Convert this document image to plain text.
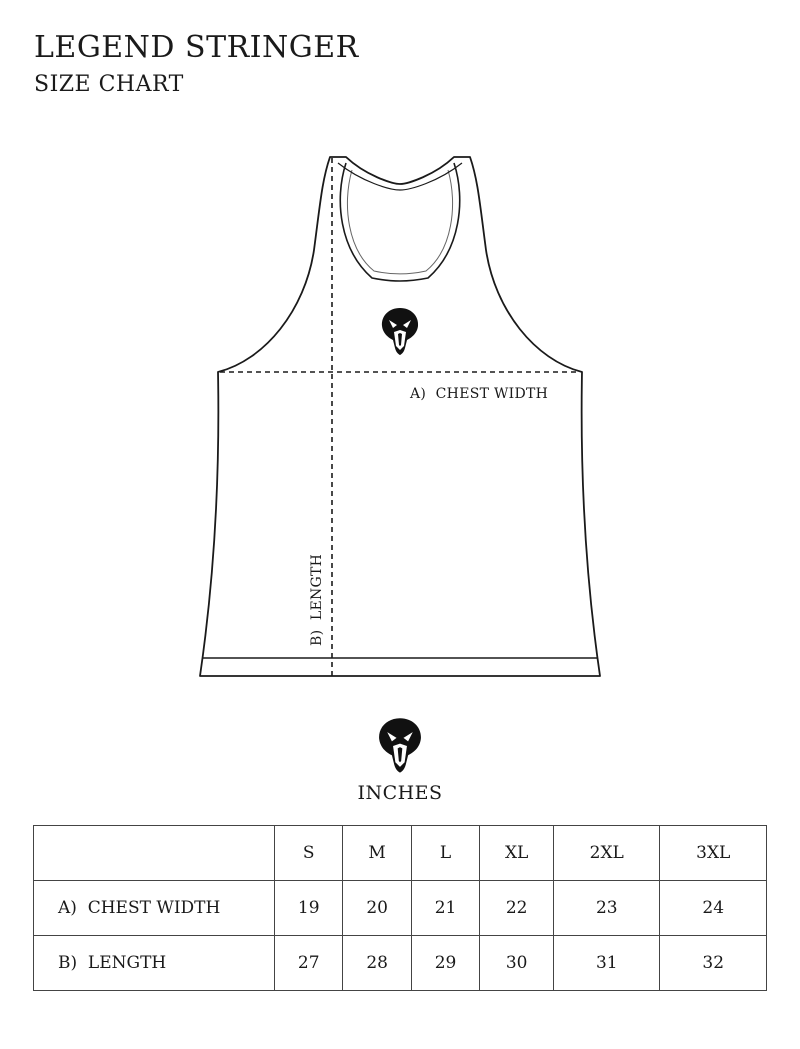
LEGEND STRINGER
SIZE CHART
A)  CHEST WIDTH
B)  LENGTH
INCHES
	S	M	L	XL	2XL	3XL
A)  CHEST WIDTH	19	20	21	22	23	24
B)  LENGTH	27	28	29	30	31	32
